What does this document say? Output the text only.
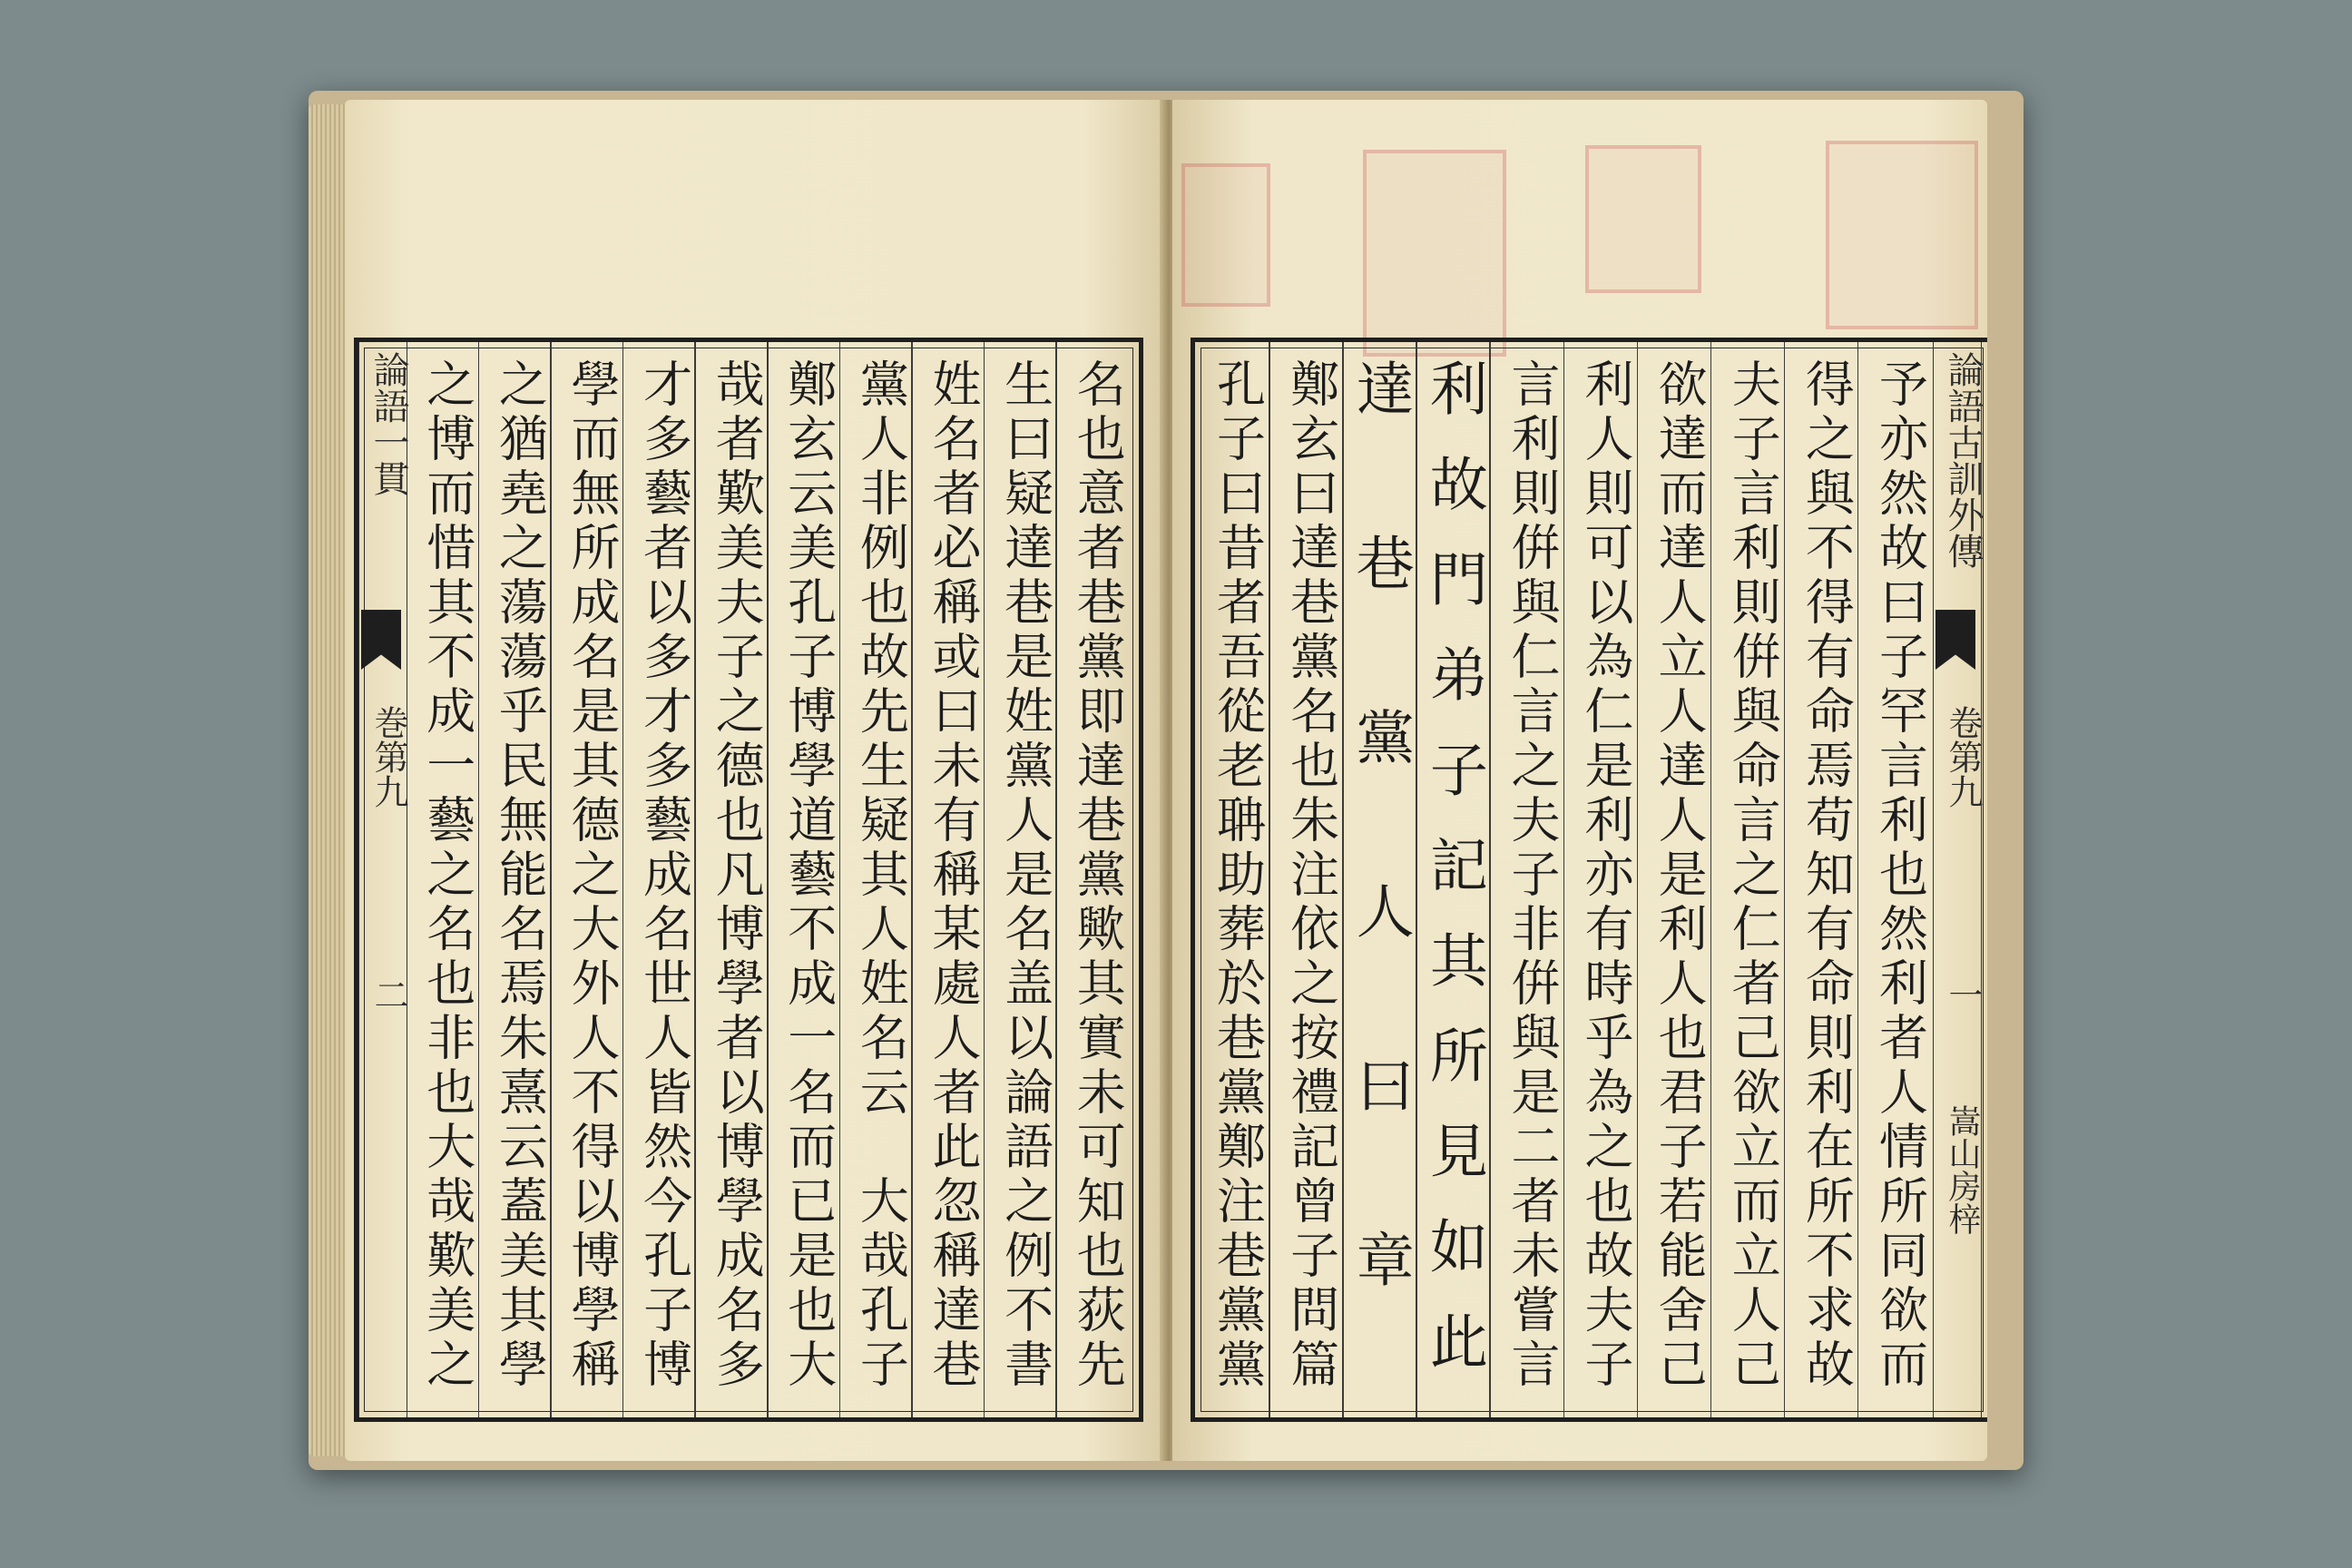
論語一貫
巻第九
二	名也意者巷黨即達巷黨歟其實未可知也荻先
生曰疑達巷是姓黨人是名盖以論語之例不書
姓名者必稱或曰未有稱某處人者此忽稱達巷
黨人非例也故先生疑其人姓名云　大哉孔子
鄭玄云美孔子博學道藝不成一名而已是也大
哉者歎美夫子之德也凡博學者以博學成名多
才多藝者以多才多藝成名世人皆然今孔子博
學而無所成名是其德之大外人不得以博學稱
之猶堯之蕩蕩乎民無能名焉朱熹云蓋美其學
之博而惜其不成一藝之名也非也大哉歎美之	論語古訓外傳
卷第九
一
嵩山房梓
予亦然故曰子罕言利也然利者人情所同欲而
得之與不得有命焉苟知有命則利在所不求故
夫子言利則倂與命言之仁者己欲立而立人己
欲達而達人立人達人是利人也君子若能舍己
利人則可以為仁是利亦有時乎為之也故夫子
言利則倂與仁言之夫子非倂與是二者未嘗言
利故門弟子記其所見如此
達巷黨人曰章
鄭玄曰達巷黨名也朱注依之按禮記曾子問篇
孔子曰昔者吾從老聃助葬於巷黨鄭注巷黨黨
